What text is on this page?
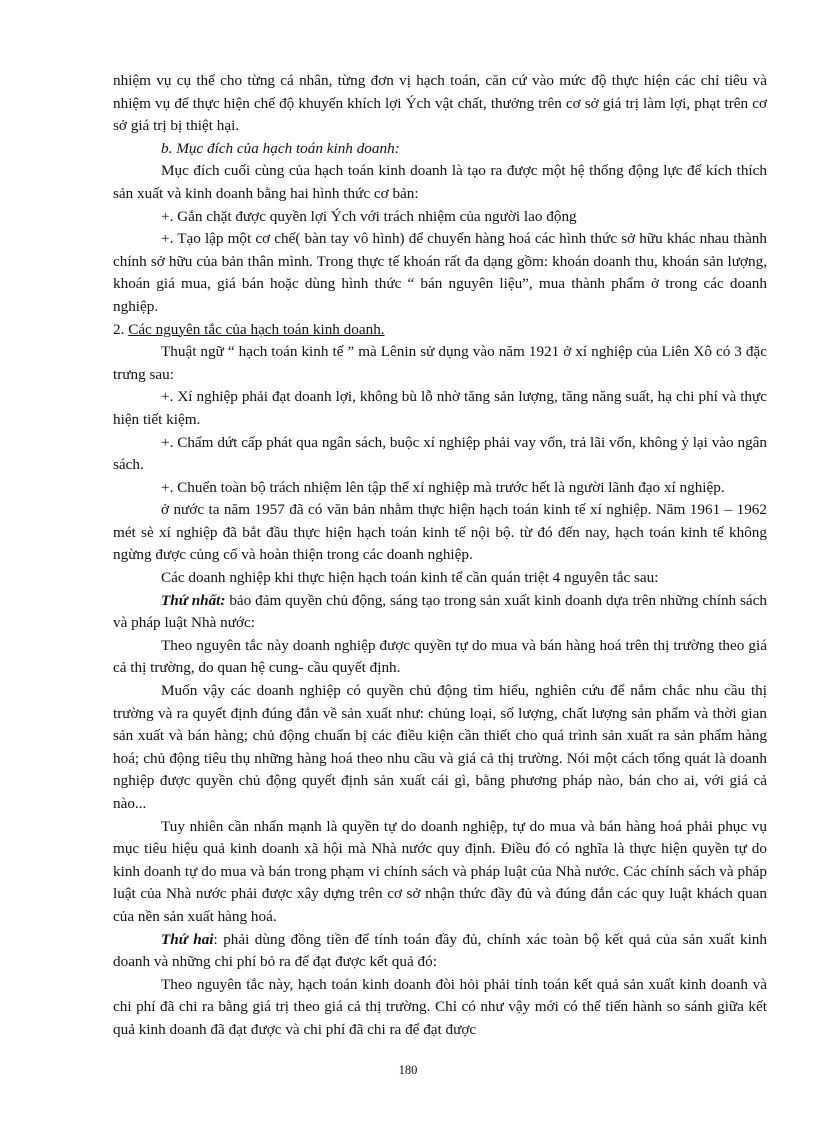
nhiệm vụ cụ thể cho từng cá nhân, từng đơn vị hạch toán, căn cứ vào mức độ thực hiện các chỉ tiêu và nhiệm vụ để thực hiện chế độ khuyến khích lợi Ých vật chất, thưởng trên cơ sở giá trị làm lợi, phạt trên cơ sở giá trị bị thiệt hại.

b. Mục đích của hạch toán kinh doanh:

Mục đích cuối cùng của hạch toán kinh doanh là tạo ra được một hệ thống động lực để kích thích sản xuất và kinh doanh bằng hai hình thức cơ bản:

+. Gắn chặt được quyền lợi Ých với trách nhiệm của người lao động

+. Tạo lập một cơ chế( bàn tay vô hình) để chuyển hàng hoá các hình thức sở hữu khác nhau thành chính sở hữu của bản thân mình. Trong thực tế khoán rất đa dạng gồm: khoán doanh thu, khoán sản lượng, khoán giá mua, giá bán hoặc dùng hình thức “ bán nguyên liệu”, mua thành phẩm ở trong các doanh nghiệp.

2. Các nguyên tắc của hạch toán kinh doanh.

Thuật ngữ “ hạch toán kinh tế ” mà Lênin sử dụng vào năm 1921 ở xí nghiệp của Liên Xô có 3 đặc trưng sau:

+. Xí nghiệp phải đạt doanh lợi, không bù lỗ nhờ tăng sản lượng, tăng năng suất, hạ chi phí và thực hiện tiết kiệm.

+. Chấm dứt cấp phát qua ngân sách, buộc xí nghiệp phải vay vốn, trả lãi vốn, không ỷ lại vào ngân sách.

+. Chuển toàn bộ trách nhiệm lên tập thể xí nghiệp mà trước hết là người lãnh đạo xí nghiệp.

ở nước ta năm 1957 đã có văn bản nhằm thực hiện hạch toán kinh tế xí nghiệp. Năm 1961 – 1962 mét sè xí nghiệp đã bắt đầu thực hiện hạch toán kinh tế nội bộ. từ đó đến nay, hạch toán kinh tế không ngừng được củng cố và hoàn thiện trong các doanh nghiệp.

Các doanh nghiệp khi thực hiện hạch toán kinh tế cần quán triệt 4 nguyên tắc sau:

Thứ nhất: bảo đảm quyền chủ động, sáng tạo trong sản xuất kinh doanh dựa trên những chính sách và pháp luật Nhà nước:

Theo nguyên tắc này doanh nghiệp được quyền tự do mua và bán hàng hoá trên thị trường theo giá cả thị trường, do quan hệ cung- cầu quyết định.

Muốn vậy các doanh nghiệp có quyền chủ động tìm hiểu, nghiên cứu để nắm chắc nhu cầu thị trường và ra quyết định đúng đắn về sản xuất như: chủng loại, số lượng, chất lượng sản phẩm và thời gian sản xuất và bán hàng; chủ động chuẩn bị các điều kiện cần thiết cho quá trình sản xuất ra sản phẩm hàng hoá; chủ động tiêu thụ những hàng hoá theo nhu cầu và giá cả thị trường. Nói một cách tổng quát là doanh nghiệp được quyền chủ động quyết định sản xuất cái gì, bằng phương pháp nào, bán cho ai, với giá cả nào...

Tuy nhiên cần nhấn mạnh là quyền tự do doanh nghiệp, tự do mua và bán hàng hoá phải phục vụ mục tiêu hiệu quả kinh doanh xã hội mà Nhà nước quy định. Điều đó có nghĩa là thực hiện quyền tự do kinh doanh tự do mua và bán trong phạm vi chính sách và pháp luật của Nhà nước. Các chính sách và pháp luật của Nhà nước phải được xây dựng trên cơ sở nhận thức đầy đủ và đúng đắn các quy luật khách quan của nền sản xuất hàng hoá.

Thứ hai: phải dùng đồng tiền để tính toán đầy đủ, chính xác toàn bộ kết quả của sản xuất kinh doanh và những chi phí bỏ ra để đạt được kết quả đó:

Theo nguyên tắc này, hạch toán kinh doanh đòi hỏi phải tính toán kết quả sản xuất kinh doanh và chi phí đã chi ra bằng giá trị theo giá cả thị trường. Chỉ có như vậy mới có thể tiến hành so sánh giữa kết quả kinh doanh đã đạt được và chi phí đã chi ra để đạt được

180
